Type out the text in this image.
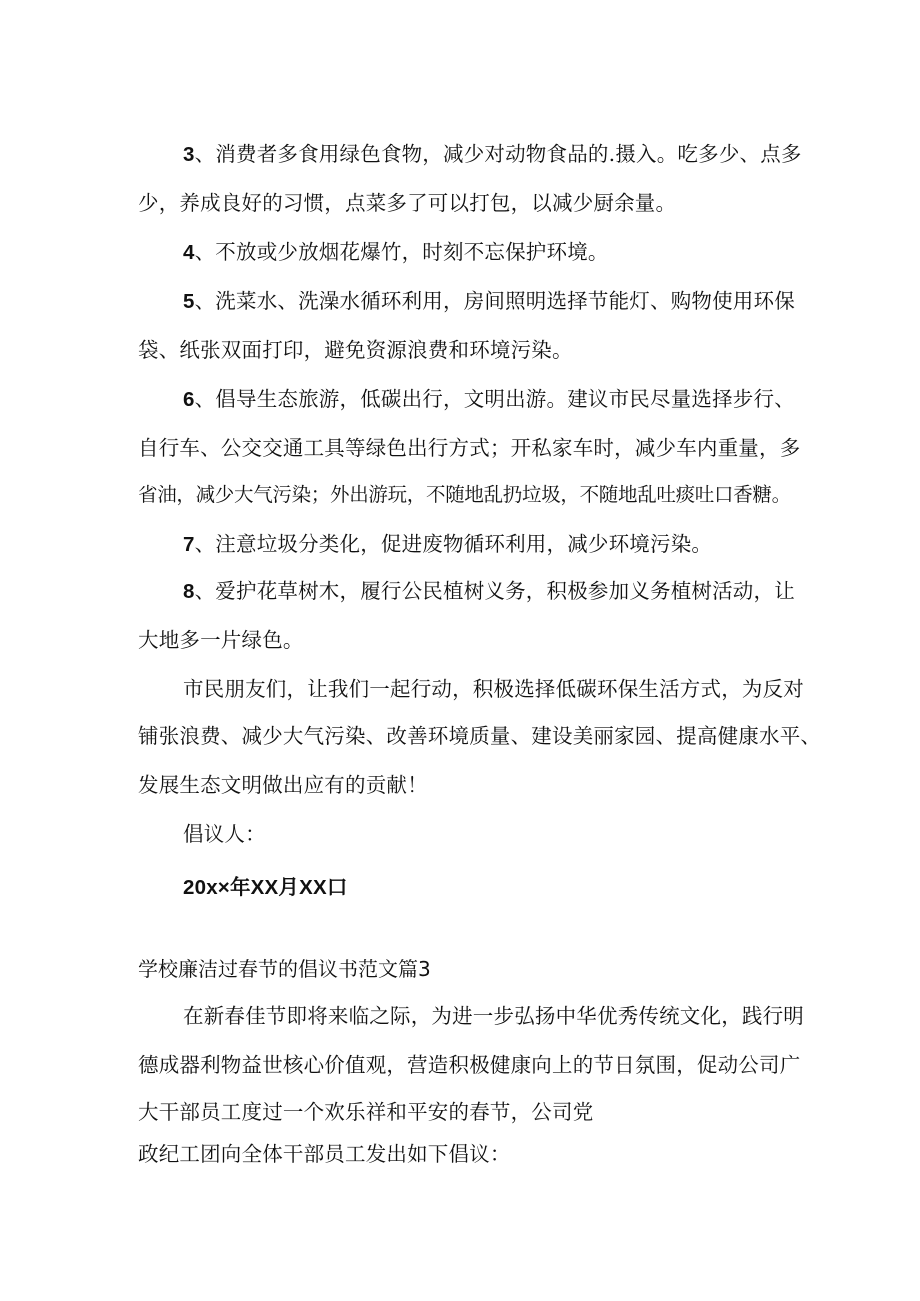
3、消费者多食用绿色食物，减少对动物食品的.摄入。吃多少、点多
少，养成良好的习惯，点菜多了可以打包，以减少厨余量。
4、不放或少放烟花爆竹，时刻不忘保护环境。
5、洗菜水、洗澡水循环利用，房间照明选择节能灯、购物使用环保
袋、纸张双面打印，避免资源浪费和环境污染。
6、倡导生态旅游，低碳出行，文明出游。建议市民尽量选择步行、
自行车、公交交通工具等绿色出行方式；开私家车时，减少车内重量，多
省油，减少大气污染；外出游玩，不随地乱扔垃圾，不随地乱吐痰吐口香糖。
7、注意垃圾分类化，促进废物循环利用，减少环境污染。
8、爱护花草树木，履行公民植树义务，积极参加义务植树活动，让
大地多一片绿色。
市民朋友们，让我们一起行动，积极选择低碳环保生活方式，为反对
铺张浪费、减少大气污染、改善环境质量、建设美丽家园、提高健康水平、
发展生态文明做出应有的贡献！
倡议人：
20x×年XX月XX口
学校廉洁过春节的倡议书范文篇3
在新春佳节即将来临之际，为进一步弘扬中华优秀传统文化，践行明
德成器利物益世核心价值观，营造积极健康向上的节日氛围，促动公司广
大干部员工度过一个欢乐祥和平安的春节，公司党
政纪工团向全体干部员工发出如下倡议：
